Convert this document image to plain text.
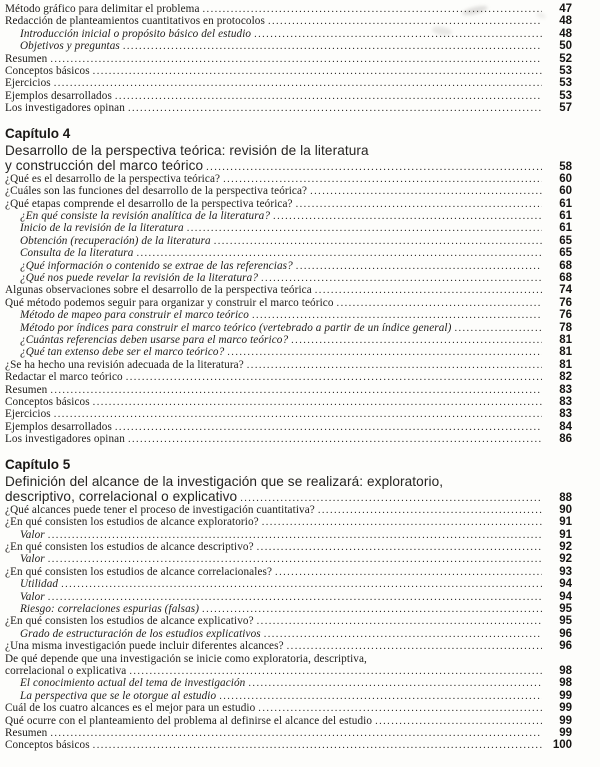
Método gráfico para delimitar el problema .....	47
Redacción de planteamientos cuantitativos en protocolos .....	48
Introducción inicial o propósito básico del estudio .....	48
Objetivos y preguntas .....	50
Resumen .....	52
Conceptos básicos .....	53
Ejercicios .....	53
Ejemplos desarrollados .....	53
Los investigadores opinan .....	57
Capítulo 4
Desarrollo de la perspectiva teórica: revisión de la literatura
y construcción del marco teórico .....	58
¿Qué es el desarrollo de la perspectiva teórica? .....	60
¿Cuáles son las funciones del desarrollo de la perspectiva teórica? .....	60
¿Qué etapas comprende el desarrollo de la perspectiva teórica? .....	61
¿En qué consiste la revisión analítica de la literatura? .....	61
Inicio de la revisión de la literatura .....	61
Obtención (recuperación) de la literatura .....	65
Consulta de la literatura .....	65
¿Qué información o contenido se extrae de las referencias? .....	68
¿Qué nos puede revelar la revisión de la literatura? .....	68
Algunas observaciones sobre el desarrollo de la perspectiva teórica .....	74
Qué método podemos seguir para organizar y construir el marco teórico .....	76
Método de mapeo para construir el marco teórico .....	76
Método por índices para construir el marco teórico (vertebrado a partir de un índice general) .....	78
¿Cuántas referencias deben usarse para el marco teórico? .....	81
¿Qué tan extenso debe ser el marco teórico? .....	81
¿Se ha hecho una revisión adecuada de la literatura? .....	81
Redactar el marco teórico .....	82
Resumen .....	83
Conceptos básicos .....	83
Ejercicios .....	83
Ejemplos desarrollados .....	84
Los investigadores opinan .....	86
Capítulo 5
Definición del alcance de la investigación que se realizará: exploratorio,
descriptivo, correlacional o explicativo .....	88
¿Qué alcances puede tener el proceso de investigación cuantitativa? .....	90
¿En qué consisten los estudios de alcance exploratorio? .....	91
Valor .....	91
¿En qué consisten los estudios de alcance descriptivo? .....	92
Valor .....	92
¿En qué consisten los estudios de alcance correlacionales? .....	93
Utilidad .....	94
Valor .....	94
Riesgo: correlaciones espurias (falsas) .....	95
¿En qué consisten los estudios de alcance explicativo? .....	95
Grado de estructuración de los estudios explicativos .....	96
¿Una misma investigación puede incluir diferentes alcances? .....	96
De qué depende que una investigación se inicie como exploratoria, descriptiva,
correlacional o explicativa .....	98
El conocimiento actual del tema de investigación .....	98
La perspectiva que se le otorgue al estudio .....	99
Cuál de los cuatro alcances es el mejor para un estudio .....	99
Qué ocurre con el planteamiento del problema al definirse el alcance del estudio .....	99
Resumen .....	99
Conceptos básicos .....	100
